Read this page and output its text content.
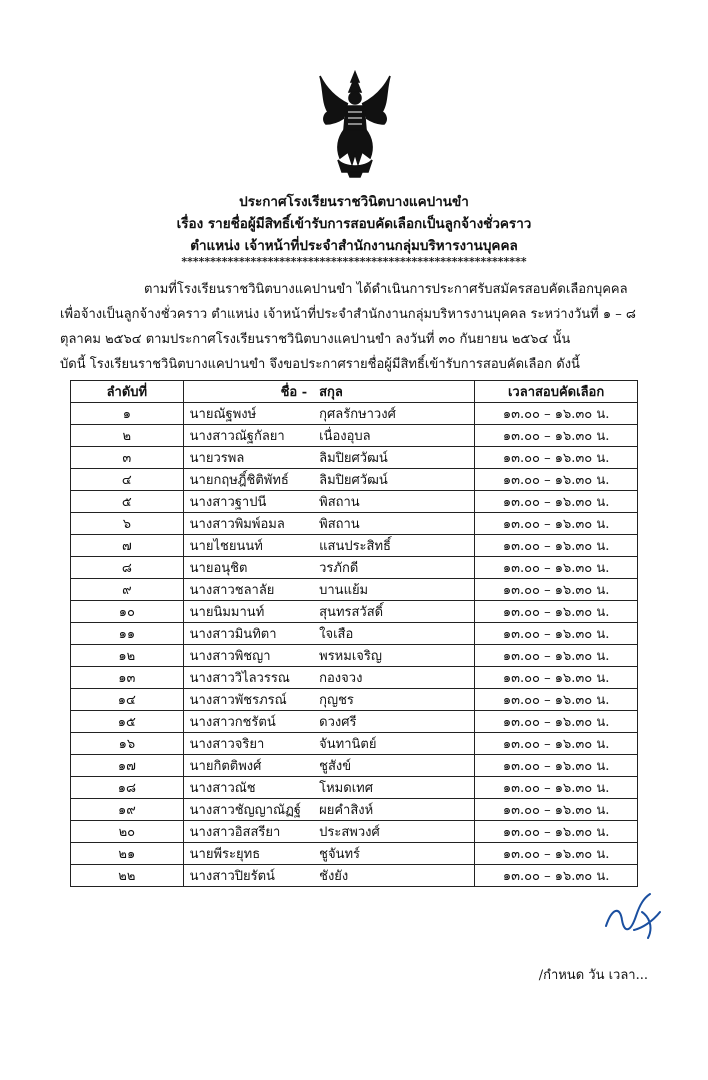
ประกาศโรงเรียนราชวินิตบางแคปานขำ
เรื่อง รายชื่อผู้มีสิทธิ์เข้ารับการสอบคัดเลือกเป็นลูกจ้างชั่วคราว
ตำแหน่ง เจ้าหน้าที่ประจำสำนักงานกลุ่มบริหารงานบุคคล
************************************************************
ตามที่โรงเรียนราชวินิตบางแคปานขำ ได้ดำเนินการประกาศรับสมัครสอบคัดเลือกบุคคล
เพื่อจ้างเป็นลูกจ้างชั่วคราว ตำแหน่ง เจ้าหน้าที่ประจำสำนักงานกลุ่มบริหารงานบุคคล ระหว่างวันที่ ๑ – ๘
ตุลาคม ๒๕๖๔ ตามประกาศโรงเรียนราชวินิตบางแคปานขำ ลงวันที่ ๓๐ กันยายน ๒๕๖๔ นั้น
บัดนี้ โรงเรียนราชวินิตบางแคปานขำ จึงขอประกาศรายชื่อผู้มีสิทธิ์เข้ารับการสอบคัดเลือก ดังนี้
ลำดับที่	ชื่อ -	สกุล	เวลาสอบคัดเลือก
๑	นายณัฐพงษ์	กุศลรักษาวงศ์	๑๓.๐๐ – ๑๖.๓๐ น.
๒	นางสาวณัฐกัลยา	เนื่องอุบล	๑๓.๐๐ – ๑๖.๓๐ น.
๓	นายวรพล	ลิมปิยศวัฒน์	๑๓.๐๐ – ๑๖.๓๐ น.
๔	นายกฤษฎิ์ชิติพัทธ์	ลิมปิยศวัฒน์	๑๓.๐๐ – ๑๖.๓๐ น.
๕	นางสาวฐาปนี	พิสถาน	๑๓.๐๐ – ๑๖.๓๐ น.
๖	นางสาวพิมพ์อมล	พิสถาน	๑๓.๐๐ – ๑๖.๓๐ น.
๗	นายไชยนนท์	แสนประสิทธิ์	๑๓.๐๐ – ๑๖.๓๐ น.
๘	นายอนุชิต	วรภักดี	๑๓.๐๐ – ๑๖.๓๐ น.
๙	นางสาวชลาลัย	บานแย้ม	๑๓.๐๐ – ๑๖.๓๐ น.
๑๐	นายนิมมานท์	สุนทรสวัสดิ์	๑๓.๐๐ – ๑๖.๓๐ น.
๑๑	นางสาวมินทิตา	ใจเสือ	๑๓.๐๐ – ๑๖.๓๐ น.
๑๒	นางสาวพิชญา	พรหมเจริญ	๑๓.๐๐ – ๑๖.๓๐ น.
๑๓	นางสาววิไลวรรณ	กองจวง	๑๓.๐๐ – ๑๖.๓๐ น.
๑๔	นางสาวพัชรภรณ์	กุญชร	๑๓.๐๐ – ๑๖.๓๐ น.
๑๕	นางสาวกชรัตน์	ดวงศรี	๑๓.๐๐ – ๑๖.๓๐ น.
๑๖	นางสาวจริยา	จันทานิตย์	๑๓.๐๐ – ๑๖.๓๐ น.
๑๗	นายกิตติพงศ์	ชูสังข์	๑๓.๐๐ – ๑๖.๓๐ น.
๑๘	นางสาวณัช	โหมดเทศ	๑๓.๐๐ – ๑๖.๓๐ น.
๑๙	นางสาวชัญญาณัฏฐ์	ผยคำสิงห์	๑๓.๐๐ – ๑๖.๓๐ น.
๒๐	นางสาวอิสสรียา	ประสพวงศ์	๑๓.๐๐ – ๑๖.๓๐ น.
๒๑	นายพีระยุทธ	ชูจันทร์	๑๓.๐๐ – ๑๖.๓๐ น.
๒๒	นางสาวปิยรัตน์	ชังยัง	๑๓.๐๐ – ๑๖.๓๐ น.
/กำหนด วัน เวลา...
